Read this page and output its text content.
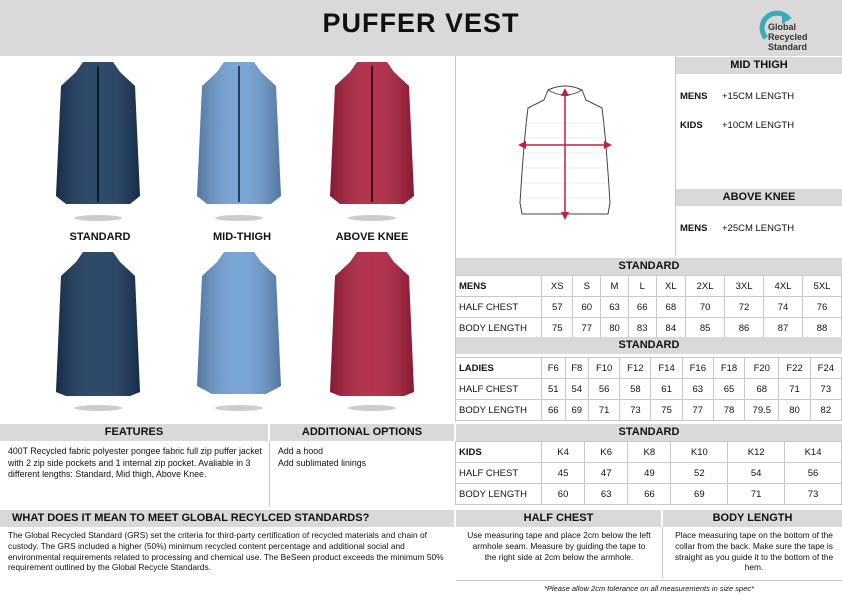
PUFFER VEST	Global Recycled Standard
STANDARD	MID-THIGH	ABOVE KNEE
MID THIGH
MENS +15CM LENGTH
KIDS +10CM LENGTH
ABOVE KNEE
MENS +25CM LENGTH
STANDARD
MENS	XS	S	M	L	XL	2XL	3XL	4XL	5XL
HALF CHEST	57	60	63	66	68	70	72	74	76
BODY LENGTH	75	77	80	83	84	85	86	87	88
STANDARD
LADIES	F6	F8	F10	F12	F14	F16	F18	F20	F22	F24
HALF CHEST	51	54	56	58	61	63	65	68	71	73
BODY LENGTH	66	69	71	73	75	77	78	79.5	80	82
FEATURES	ADDITIONAL OPTIONS
400T Recycled fabric polyester pongee fabric full zip puffer jacket with 2 zip side pockets and 1 internal zip pocket. Avaliable in 3 different lengths: Standard, Mid thigh, Above Knee.
Add a hood
Add sublimated linings
STANDARD
KIDS	K4	K6	K8	K10	K12	K14
HALF CHEST	45	47	49	52	54	56
BODY LENGTH	60	63	66	69	71	73
WHAT DOES IT MEAN TO MEET GLOBAL RECYLCED STANDARDS?
The Global Recycled Standard (GRS) set the criteria for third-party certification of recycled materials and chain of custody. The GRS included a higher (50%) minimum recycled content percentage and additional social and environmental requirements related to processing and chemical use. The BeSeen product exceeds the minimum 50% requirement outlined by the Global Recycle Standards.
HALF CHEST	BODY LENGTH
Use measuring tape and place 2cm below the left armhole seam. Measure by guiding the tape to the right side at 2cm below the armhole.
Place measuring tape on the bottom of the collar from the back. Make sure the tape is straight as you guide it to the bottom of the hem.
*Please allow 2cm tolerance on all measurements in size spec*
